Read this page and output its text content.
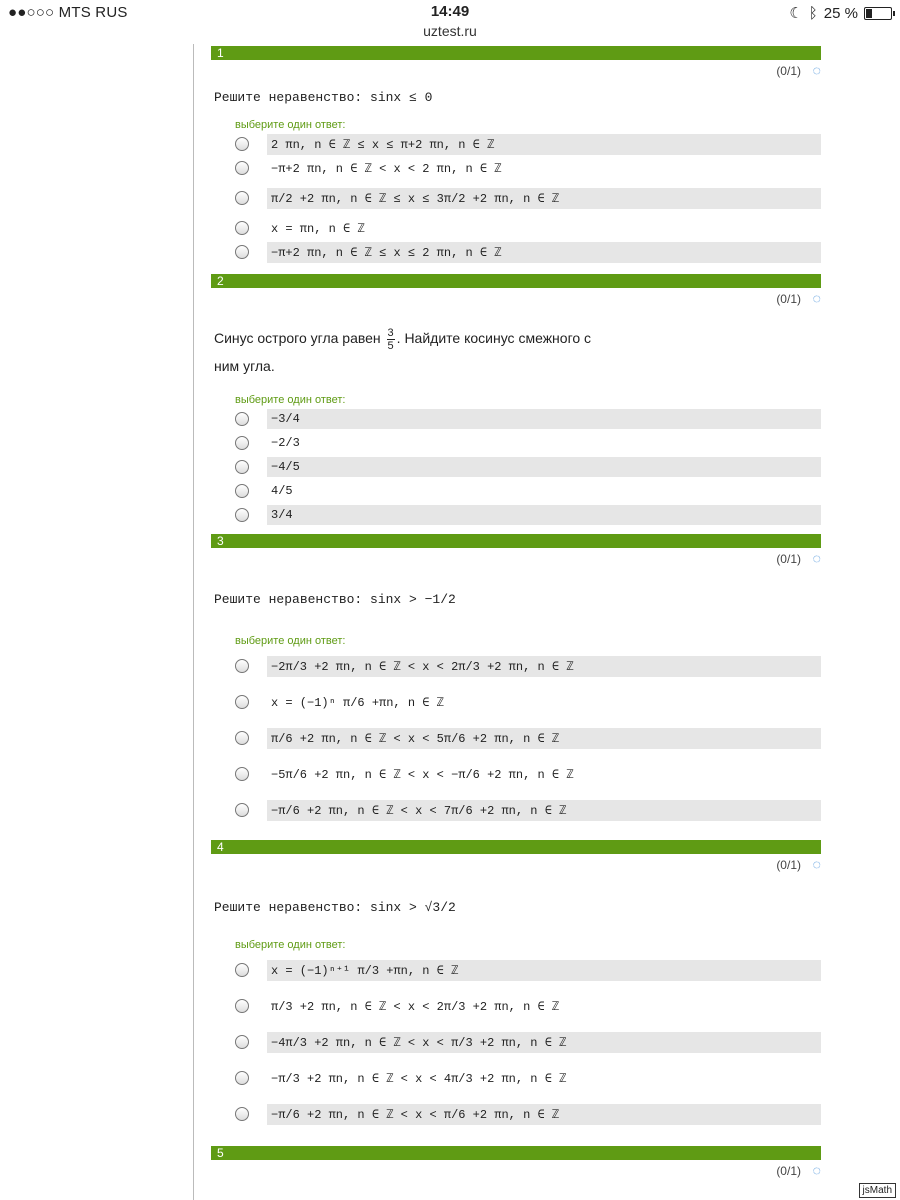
●●○○○ MTS RUS	14:49
uztest.ru
☾ ᛒ 25 %
1
(0/1) ◌
Решите неравенство: sinx ≤ 0
выберите один ответ:
2 πn, n ∈ ℤ ≤ x ≤ π+2 πn, n ∈ ℤ
−π+2 πn, n ∈ ℤ < x < 2 πn, n ∈ ℤ
π/2 +2 πn, n ∈ ℤ ≤ x ≤ 3π/2 +2 πn, n ∈ ℤ
x = πn, n ∈ ℤ
−π+2 πn, n ∈ ℤ ≤ x ≤ 2 πn, n ∈ ℤ
2
(0/1) ◌
Синус острого угла равен $\frac{3}{5}$ . Найдите косинус смежного с
ним угла.
выберите один ответ:
−3/4
−2/3
−4/5
4/5
3/4
3
(0/1) ◌
Решите неравенство: sinx > −1/2
выберите один ответ:
−2π/3 +2 πn, n ∈ ℤ < x < 2π/3 +2 πn, n ∈ ℤ
x = (−1)ⁿ π/6 +πn, n ∈ ℤ
π/6 +2 πn, n ∈ ℤ < x < 5π/6 +2 πn, n ∈ ℤ
−5π/6 +2 πn, n ∈ ℤ < x < −π/6 +2 πn, n ∈ ℤ
−π/6 +2 πn, n ∈ ℤ < x < 7π/6 +2 πn, n ∈ ℤ
4
(0/1) ◌
Решите неравенство: sinx > √3/2
выберите один ответ:
x = (−1)ⁿ⁺¹ π/3 +πn, n ∈ ℤ
π/3 +2 πn, n ∈ ℤ < x < 2π/3 +2 πn, n ∈ ℤ
−4π/3 +2 πn, n ∈ ℤ < x < π/3 +2 πn, n ∈ ℤ
−π/3 +2 πn, n ∈ ℤ < x < 4π/3 +2 πn, n ∈ ℤ
−π/6 +2 πn, n ∈ ℤ < x < π/6 +2 πn, n ∈ ℤ
5
(0/1) ◌
jsMath
